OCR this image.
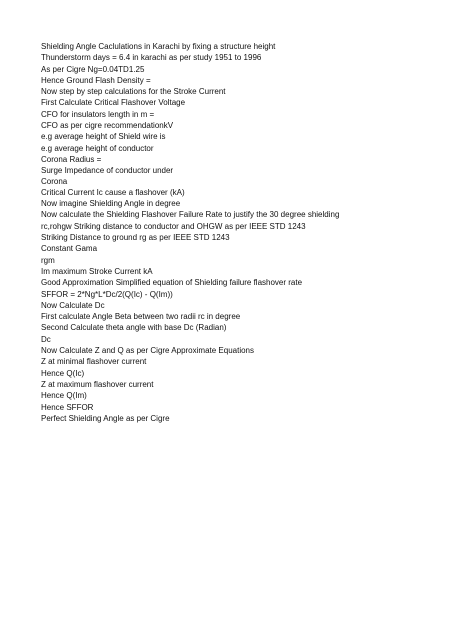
Shielding Angle Caclulations in Karachi by fixing a structure height
Thunderstorm days = 6.4 in karachi as per study 1951 to 1996
As per Cigre Ng=0.04TD1.25
Hence Ground Flash Density =
Now step by step calculations for the Stroke Current
First Calculate Critical Flashover Voltage
CFO for insulators length in m =
CFO as per cigre recommendationkV
e.g average height of Shield wire is
e.g average height of conductor
Corona Radius =
Surge Impedance of conductor under
Corona
Critical Current Ic cause a flashover (kA)
Now imagine Shielding Angle in degree
Now calculate the Shielding Flashover Failure Rate to justify the 30 degree shielding
rc,rohgw Striking distance to conductor and OHGW as per IEEE STD 1243
Striking Distance to ground rg as per IEEE STD 1243
Constant Gama
rgm
Im maximum Stroke Current kA
Good Approximation Simplified equation of Shielding failure flashover rate
SFFOR = 2*Ng*L*Dc/2(Q(Ic) - Q(Im))
Now Calculate Dc
First calculate Angle Beta between two radii rc in degree
Second Calculate theta angle with base Dc (Radian)
Dc
Now Calculate Z and Q as per Cigre Approximate Equations
Z at minimal flashover current
Hence Q(Ic)
Z at maximum flashover current
Hence Q(Im)
Hence SFFOR
Perfect Shielding Angle as per Cigre
